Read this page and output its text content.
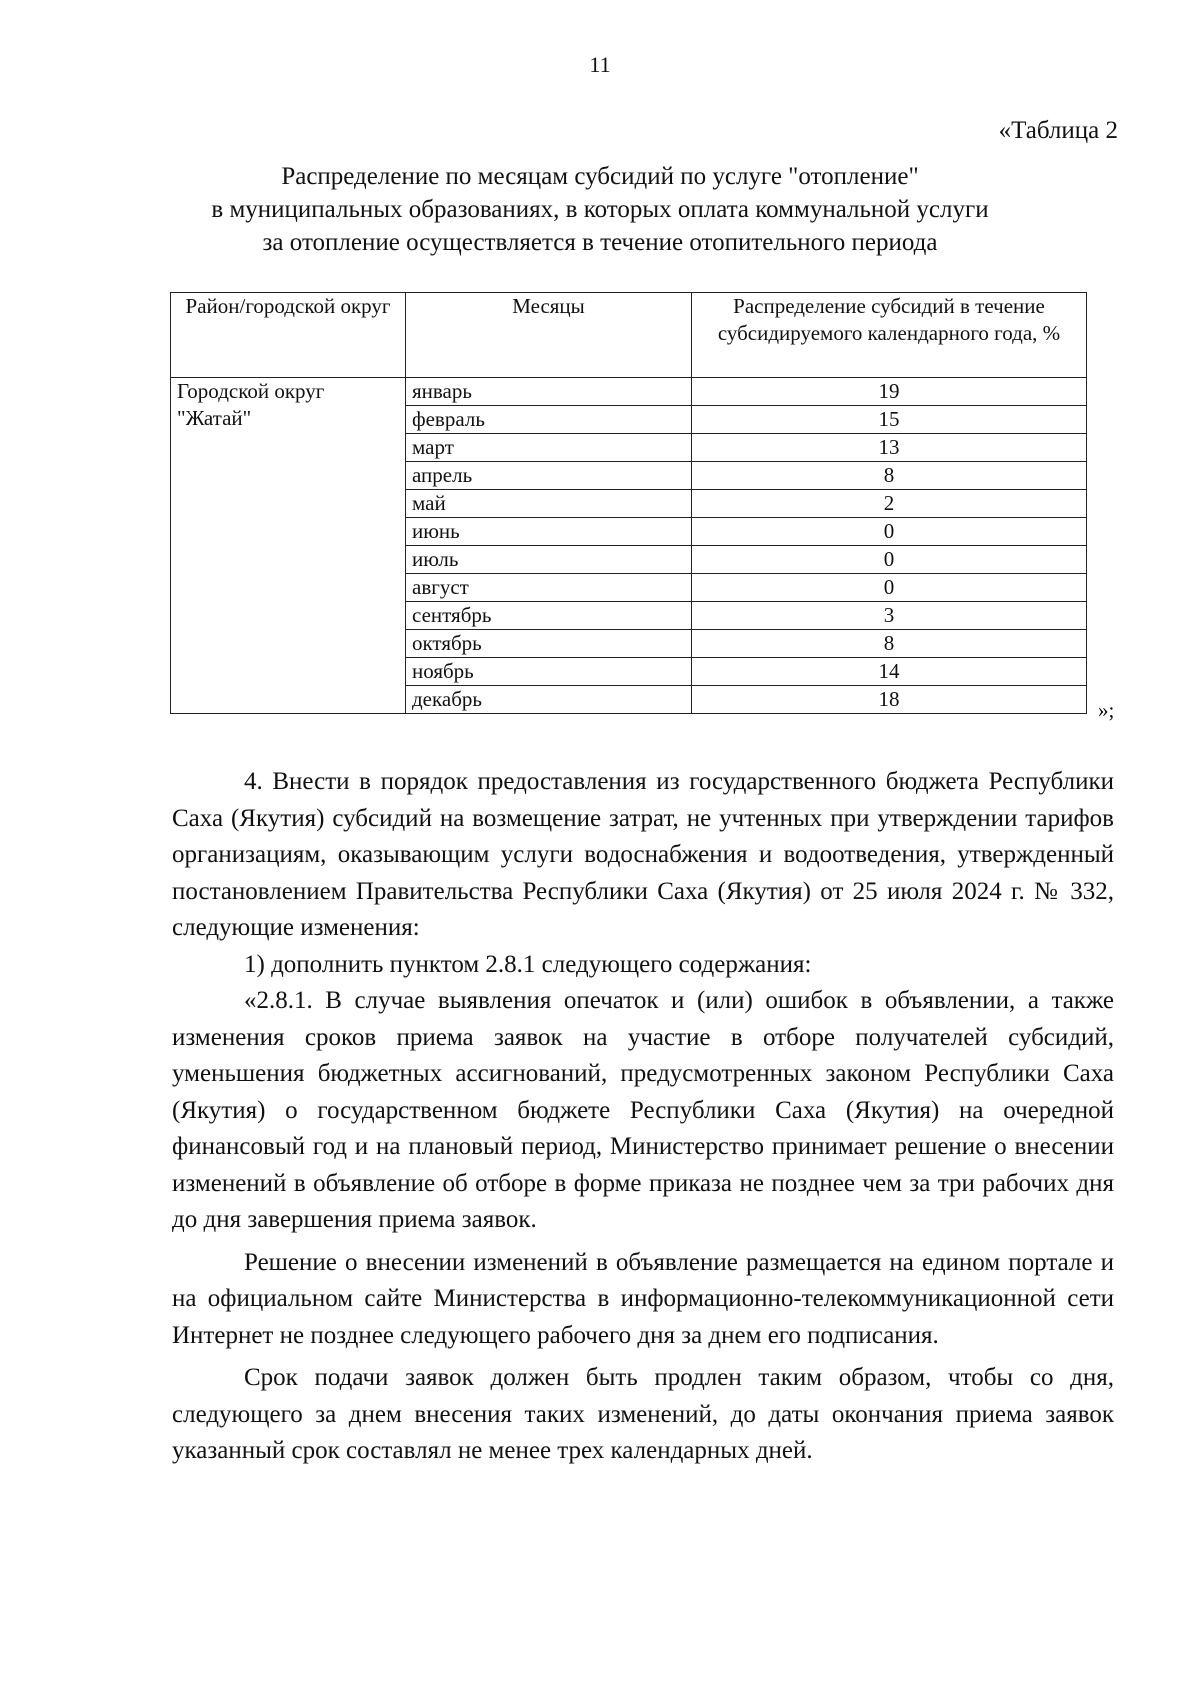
11
«Таблица 2
Распределение по месяцам субсидий по услуге "отопление"
в муниципальных образованиях, в которых оплата коммунальной услуги
за отопление осуществляется в течение отопительного периода
Район/городской округ	Месяцы	Распределение субсидий в течение субсидируемого календарного года, %
Городской округ "Жатай"	январь	19
	февраль	15
	март	13
	апрель	8
	май	2
	июнь	0
	июль	0
	август	0
	сентябрь	3
	октябрь	8
	ноябрь	14
	декабрь	18	»;

4. Внести в порядок предоставления из государственного бюджета Республики Саха (Якутия) субсидий на возмещение затрат, не учтенных при утверждении тарифов организациям, оказывающим услуги водоснабжения и водоотведения, утвержденный постановлением Правительства Республики Саха (Якутия) от 25 июля 2024 г. № 332, следующие изменения:

1) дополнить пунктом 2.8.1 следующего содержания:

«2.8.1. В случае выявления опечаток и (или) ошибок в объявлении, а также изменения сроков приема заявок на участие в отборе получателей субсидий, уменьшения бюджетных ассигнований, предусмотренных законом Республики Саха (Якутия) о государственном бюджете Республики Саха (Якутия) на очередной финансовый год и на плановый период, Министерство принимает решение о внесении изменений в объявление об отборе в форме приказа не позднее чем за три рабочих дня до дня завершения приема заявок.

Решение о внесении изменений в объявление размещается на едином портале и на официальном сайте Министерства в информационно-телекоммуникационной сети Интернет не позднее следующего рабочего дня за днем его подписания.

Срок подачи заявок должен быть продлен таким образом, чтобы со дня, следующего за днем внесения таких изменений, до даты окончания приема заявок указанный срок составлял не менее трех календарных дней.
